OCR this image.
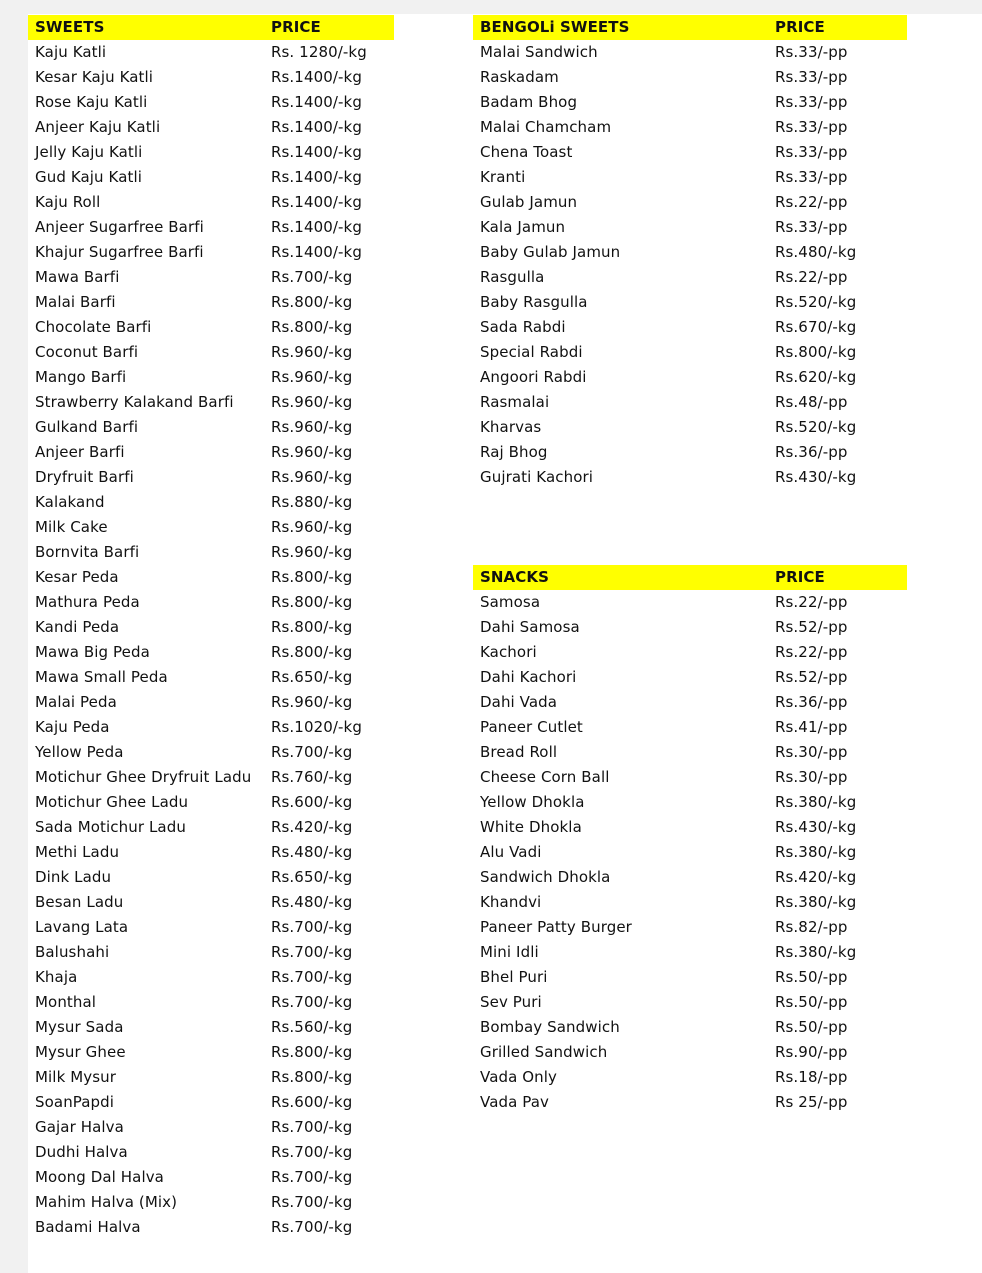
SWEETS	PRICE
Kaju Katli	Rs. 1280/-kg
Kesar Kaju Katli	Rs.1400/-kg
Rose Kaju Katli	Rs.1400/-kg
Anjeer Kaju Katli	Rs.1400/-kg
Jelly Kaju Katli	Rs.1400/-kg
Gud Kaju Katli	Rs.1400/-kg
Kaju Roll	Rs.1400/-kg
Anjeer Sugarfree Barfi	Rs.1400/-kg
Khajur Sugarfree Barfi	Rs.1400/-kg
Mawa Barfi	Rs.700/-kg
Malai Barfi	Rs.800/-kg
Chocolate Barfi	Rs.800/-kg
Coconut Barfi	Rs.960/-kg
Mango Barfi	Rs.960/-kg
Strawberry Kalakand Barfi Rs.960/-kg
Gulkand Barfi	Rs.960/-kg
Anjeer Barfi	Rs.960/-kg
Dryfruit Barfi	Rs.960/-kg
Kalakand	Rs.880/-kg
Milk Cake	Rs.960/-kg
Bornvita Barfi	Rs.960/-kg
Kesar Peda	Rs.800/-kg
Mathura Peda	Rs.800/-kg
Kandi Peda	Rs.800/-kg
Mawa Big Peda	Rs.800/-kg
Mawa Small Peda	Rs.650/-kg
Malai Peda	Rs.960/-kg
Kaju Peda	Rs.1020/-kg
Yellow Peda	Rs.700/-kg
Motichur Ghee Dryfruit Ladu Rs.760/-kg
Motichur Ghee Ladu	Rs.600/-kg
Sada Motichur Ladu	Rs.420/-kg
Methi Ladu	Rs.480/-kg
Dink Ladu	Rs.650/-kg
Besan Ladu	Rs.480/-kg
Lavang Lata	Rs.700/-kg
Balushahi	Rs.700/-kg
Khaja	Rs.700/-kg
Monthal	Rs.700/-kg
Mysur Sada	Rs.560/-kg
Mysur Ghee	Rs.800/-kg
Milk Mysur	Rs.800/-kg
SoanPapdi	Rs.600/-kg
Gajar Halva	Rs.700/-kg
Dudhi Halva	Rs.700/-kg
Moong Dal Halva	Rs.700/-kg
Mahim Halva (Mix)	Rs.700/-kg
Badami Halva	Rs.700/-kg
BENGOLi SWEETS	PRICE
Malai Sandwich	Rs.33/-pp
Raskadam	Rs.33/-pp
Badam Bhog	Rs.33/-pp
Malai Chamcham	Rs.33/-pp
Chena Toast	Rs.33/-pp
Kranti	Rs.33/-pp
Gulab Jamun	Rs.22/-pp
Kala Jamun	Rs.33/-pp
Baby Gulab Jamun	Rs.480/-kg
Rasgulla	Rs.22/-pp
Baby Rasgulla	Rs.520/-kg
Sada Rabdi	Rs.670/-kg
Special Rabdi	Rs.800/-kg
Angoori Rabdi	Rs.620/-kg
Rasmalai	Rs.48/-pp
Kharvas	Rs.520/-kg
Raj Bhog	Rs.36/-pp
Gujrati Kachori	Rs.430/-kg
SNACKS	PRICE
Samosa	Rs.22/-pp
Dahi Samosa	Rs.52/-pp
Kachori	Rs.22/-pp
Dahi Kachori	Rs.52/-pp
Dahi Vada	Rs.36/-pp
Paneer Cutlet	Rs.41/-pp
Bread Roll	Rs.30/-pp
Cheese Corn Ball	Rs.30/-pp
Yellow Dhokla	Rs.380/-kg
White Dhokla	Rs.430/-kg
Alu Vadi	Rs.380/-kg
Sandwich Dhokla	Rs.420/-kg
Khandvi	Rs.380/-kg
Paneer Patty Burger	Rs.82/-pp
Mini Idli	Rs.380/-kg
Bhel Puri	Rs.50/-pp
Sev Puri	Rs.50/-pp
Bombay Sandwich	Rs.50/-pp
Grilled Sandwich	Rs.90/-pp
Vada Only	Rs.18/-pp
Vada Pav	Rs 25/-pp
